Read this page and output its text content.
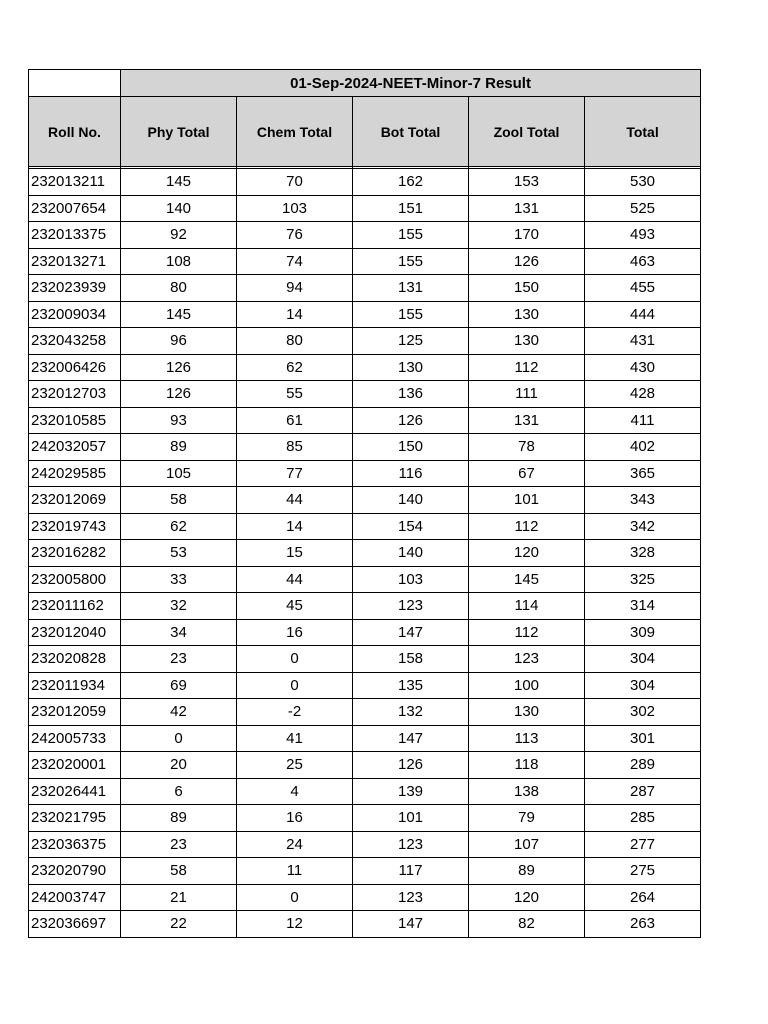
	01-Sep-2024-NEET-Minor-7 Result				
Roll No.	Phy Total	Chem Total	Bot Total	Zool Total	Total

232013211	145	70	162	153	530
232007654	140	103	151	131	525
232013375	92	76	155	170	493
232013271	108	74	155	126	463
232023939	80	94	131	150	455
232009034	145	14	155	130	444
232043258	96	80	125	130	431
232006426	126	62	130	112	430
232012703	126	55	136	111	428
232010585	93	61	126	131	411
242032057	89	85	150	78	402
242029585	105	77	116	67	365
232012069	58	44	140	101	343
232019743	62	14	154	112	342
232016282	53	15	140	120	328
232005800	33	44	103	145	325
232011162	32	45	123	114	314
232012040	34	16	147	112	309
232020828	23	0	158	123	304
232011934	69	0	135	100	304
232012059	42	-2	132	130	302
242005733	0	41	147	113	301
232020001	20	25	126	118	289
232026441	6	4	139	138	287
232021795	89	16	101	79	285
232036375	23	24	123	107	277
232020790	58	11	117	89	275
242003747	21	0	123	120	264
232036697	22	12	147	82	263
